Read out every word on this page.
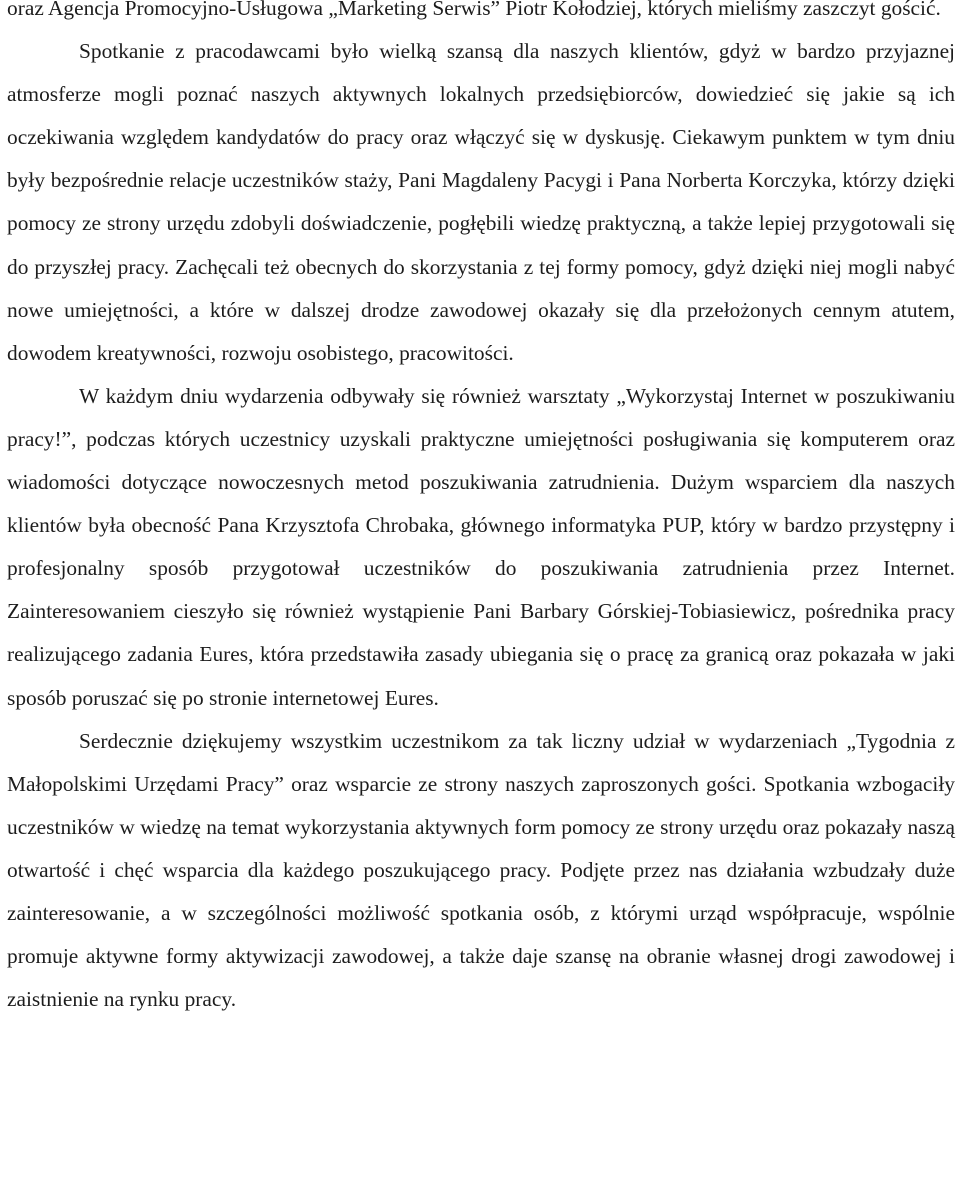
oraz Agencja Promocyjno-Usługowa „Marketing Serwis” Piotr Kołodziej, których mieliśmy zaszczyt gościć.

Spotkanie z pracodawcami było wielką szansą dla naszych klientów, gdyż w bardzo przyjaznej atmosferze mogli poznać naszych aktywnych lokalnych przedsiębiorców, dowiedzieć się jakie są ich oczekiwania względem kandydatów do pracy oraz włączyć się w dyskusję. Ciekawym punktem w tym dniu były bezpośrednie relacje uczestników staży, Pani Magdaleny Pacygi i Pana Norberta Korczyka, którzy dzięki pomocy ze strony urzędu zdobyli doświadczenie, pogłębili wiedzę praktyczną, a także lepiej przygotowali się do przyszłej pracy. Zachęcali też obecnych do skorzystania z tej formy pomocy, gdyż dzięki niej mogli nabyć nowe umiejętności, a które w dalszej drodze zawodowej okazały się dla przełożonych cennym atutem, dowodem kreatywności, rozwoju osobistego, pracowitości.

W każdym dniu wydarzenia odbywały się również warsztaty „Wykorzystaj Internet w poszukiwaniu pracy!”, podczas których uczestnicy uzyskali praktyczne umiejętności posługiwania się komputerem oraz wiadomości dotyczące nowoczesnych metod poszukiwania zatrudnienia. Dużym wsparciem dla naszych klientów była obecność Pana Krzysztofa Chrobaka, głównego informatyka PUP, który w bardzo przystępny i profesjonalny sposób przygotował uczestników do poszukiwania zatrudnienia przez Internet. Zainteresowaniem cieszyło się również wystąpienie Pani Barbary Górskiej-Tobiasiewicz, pośrednika pracy realizującego zadania Eures, która przedstawiła zasady ubiegania się o pracę za granicą oraz pokazała w jaki sposób poruszać się po stronie internetowej Eures.

Serdecznie dziękujemy wszystkim uczestnikom za tak liczny udział w wydarzeniach „Tygodnia z Małopolskimi Urzędami Pracy” oraz wsparcie ze strony naszych zaproszonych gości. Spotkania wzbogaciły uczestników w wiedzę na temat wykorzystania aktywnych form pomocy ze strony urzędu oraz pokazały naszą otwartość i chęć wsparcia dla każdego poszukującego pracy. Podjęte przez nas działania wzbudzały duże zainteresowanie, a w szczególności możliwość spotkania osób, z którymi urząd współpracuje, wspólnie promuje aktywne formy aktywizacji zawodowej, a także daje szansę na obranie własnej drogi zawodowej i zaistnienie na rynku pracy.
